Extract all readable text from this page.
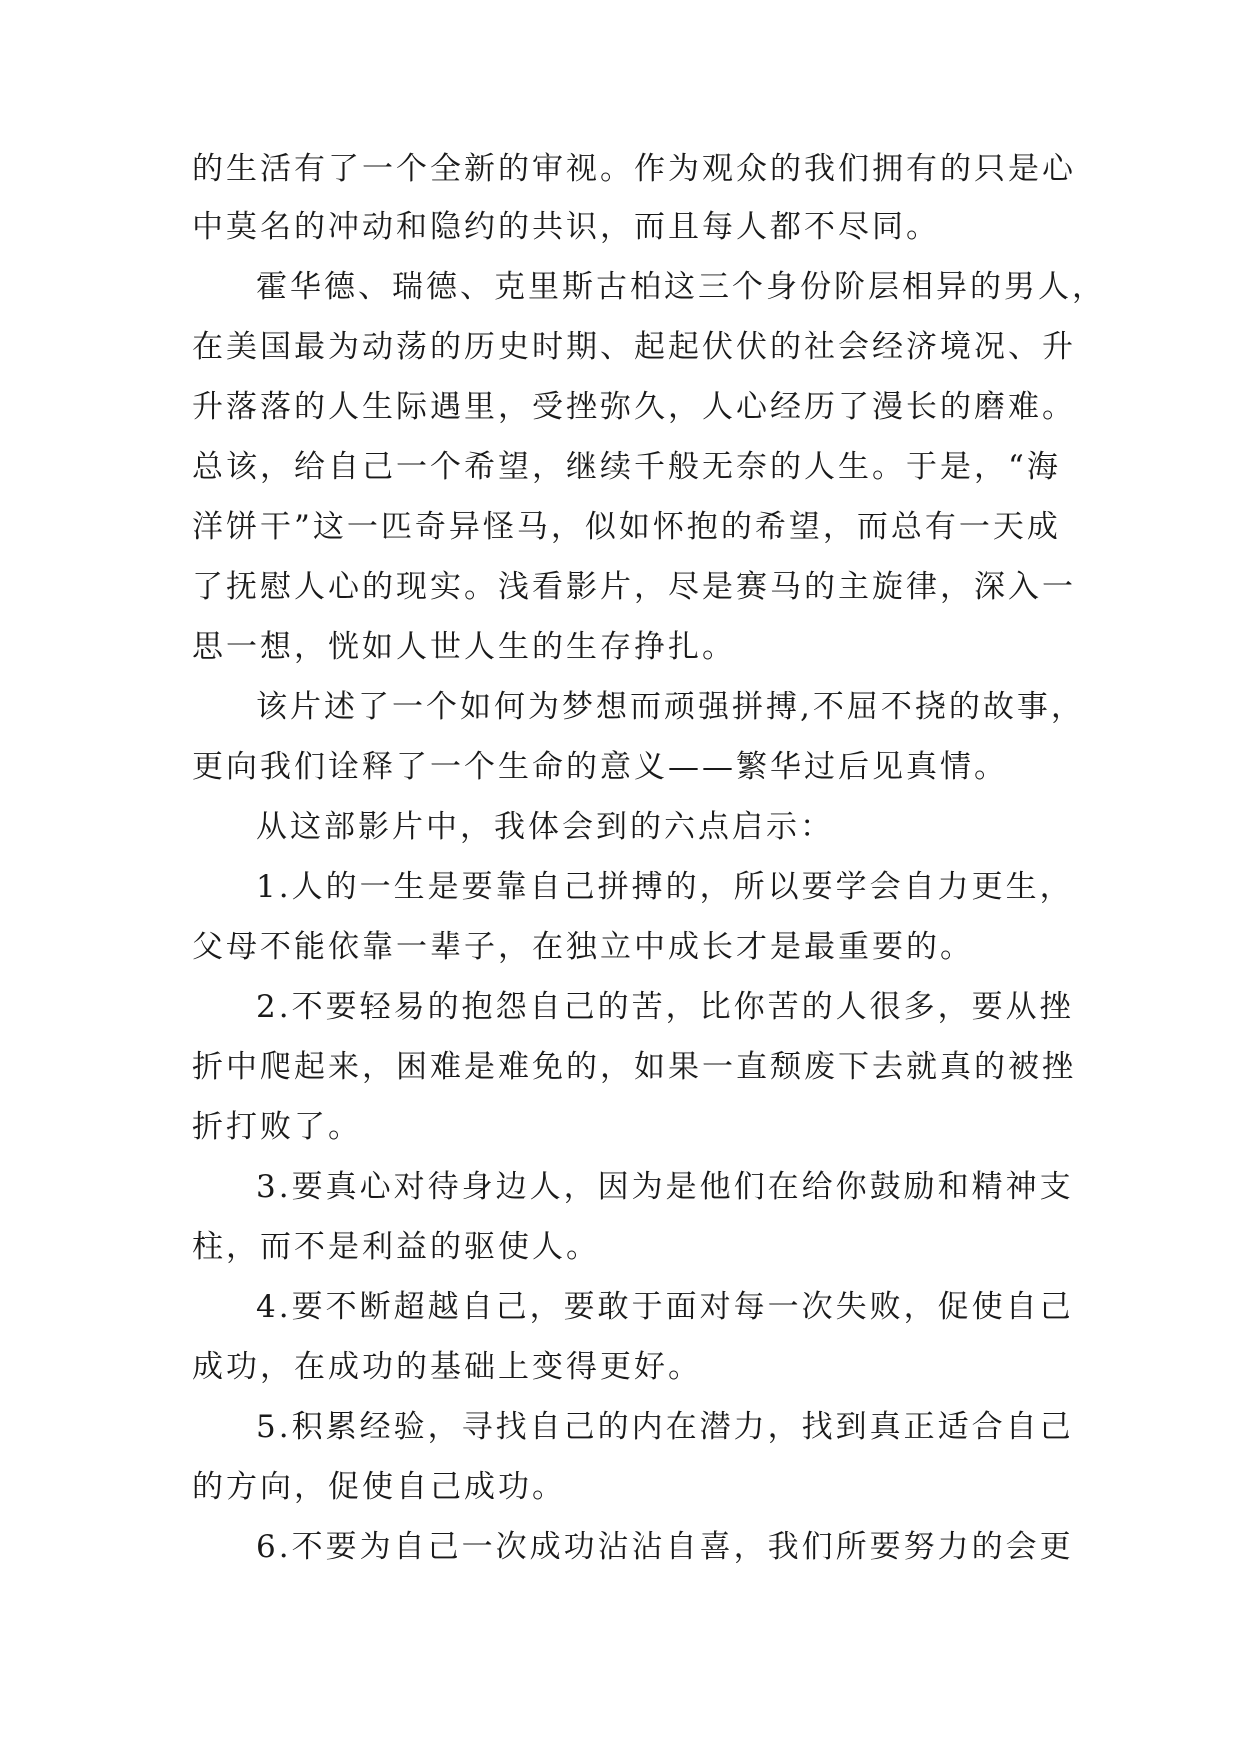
的生活有了一个全新的审视。作为观众的我们拥有的只是心
中莫名的冲动和隐约的共识，而且每人都不尽同。
霍华德、瑞德、克里斯古柏这三个身份阶层相异的男人，
在美国最为动荡的历史时期、起起伏伏的社会经济境况、升
升落落的人生际遇里，受挫弥久，人心经历了漫长的磨难。
总该，给自己一个希望，继续千般无奈的人生。于是，“海
洋饼干”这一匹奇异怪马，似如怀抱的希望，而总有一天成
了抚慰人心的现实。浅看影片，尽是赛马的主旋律，深入一
思一想，恍如人世人生的生存挣扎。
该片述了一个如何为梦想而顽强拼搏,不屈不挠的故事，
更向我们诠释了一个生命的意义——繁华过后见真情。
从这部影片中，我体会到的六点启示：
1.人的一生是要靠自己拼搏的，所以要学会自力更生，
父母不能依靠一辈子，在独立中成长才是最重要的。
2.不要轻易的抱怨自己的苦，比你苦的人很多，要从挫
折中爬起来，困难是难免的，如果一直颓废下去就真的被挫
折打败了。
3.要真心对待身边人，因为是他们在给你鼓励和精神支
柱，而不是利益的驱使人。
4.要不断超越自己，要敢于面对每一次失败，促使自己
成功，在成功的基础上变得更好。
5.积累经验，寻找自己的内在潜力，找到真正适合自己
的方向，促使自己成功。
6.不要为自己一次成功沾沾自喜，我们所要努力的会更
